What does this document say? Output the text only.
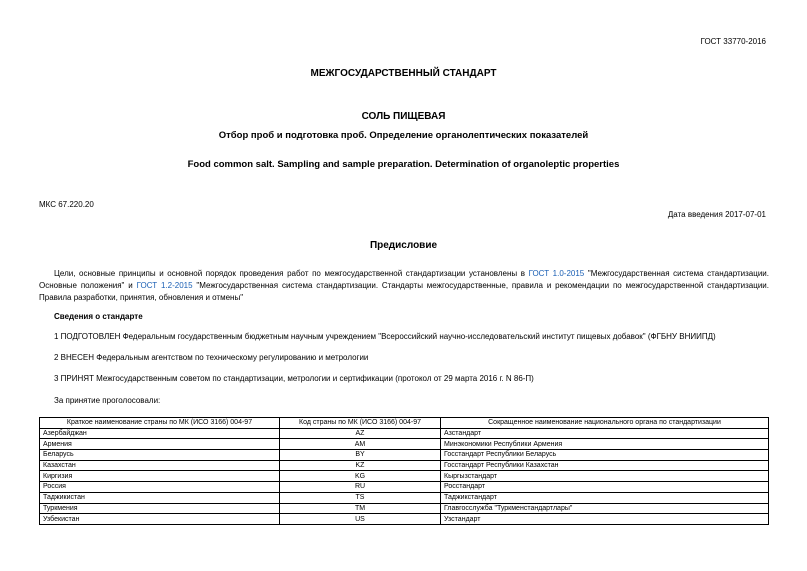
ГОСТ 33770-2016
МЕЖГОСУДАРСТВЕННЫЙ СТАНДАРТ
СОЛЬ ПИЩЕВАЯ
Отбор проб и подготовка проб. Определение органолептических показателей
Food common salt. Sampling and sample preparation. Determination of organoleptic properties
МКС 67.220.20
Дата введения 2017-07-01
Предисловие
Цели, основные принципы и основной порядок проведения работ по межгосударственной стандартизации установлены в ГОСТ 1.0-2015 "Межгосударственная система стандартизации. Основные положения" и ГОСТ 1.2-2015 "Межгосударственная система стандартизации. Стандарты межгосударственные, правила и рекомендации по межгосударственной стандартизации. Правила разработки, принятия, обновления и отмены"
Сведения о стандарте
1 ПОДГОТОВЛЕН Федеральным государственным бюджетным научным учреждением "Всероссийский научно-исследовательский институт пищевых добавок" (ФГБНУ ВНИИПД)
2 ВНЕСЕН Федеральным агентством по техническому регулированию и метрологии
3 ПРИНЯТ Межгосударственным советом по стандартизации, метрологии и сертификации (протокол от 29 марта 2016 г. N 86-П)
За принятие проголосовали:
Краткое наименование страны по МК (ИСО 3166) 004-97	Код страны по МК (ИСО 3166) 004-97	Сокращенное наименование национального органа по стандартизации
Азербайджан	AZ	Азстандарт
Армения	AM	Минэкономики Республики Армения
Беларусь	BY	Госстандарт Республики Беларусь
Казахстан	KZ	Госстандарт Республики Казахстан
Киргизия	KG	Кыргызстандарт
Россия	RU	Росстандарт
Таджикистан	TS	Таджикстандарт
Туркмения	TM	Главгосслужба "Туркменстандартлары"
Узбекистан	US	Узстандарт
